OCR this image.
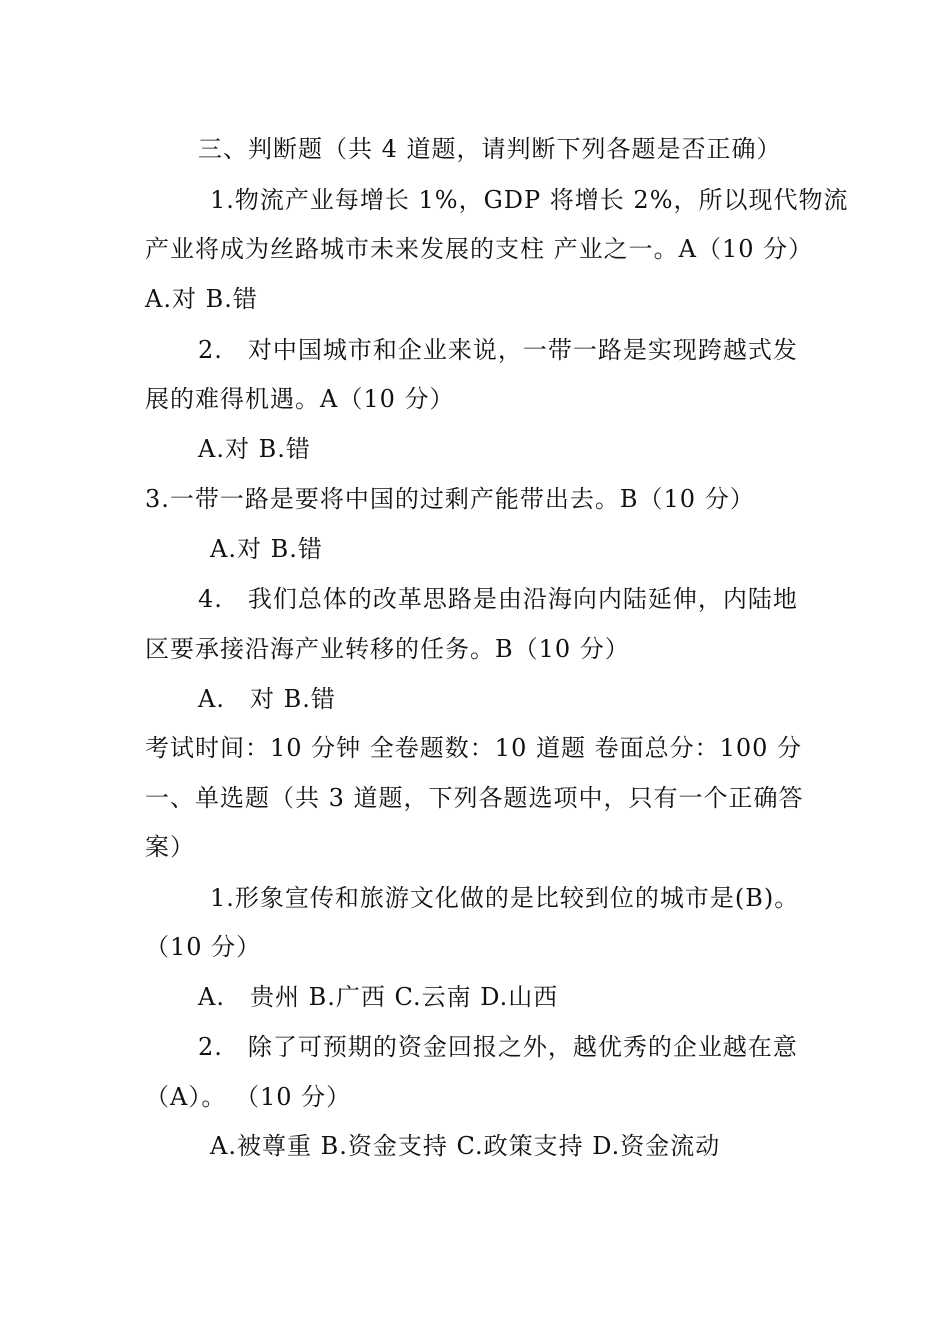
三、判断题（共 4 道题，请判断下列各题是否正确）
1.物流产业每增长 1%，GDP 将增长 2%，所以现代物流
产业将成为丝路城市未来发展的支柱 产业之一。A（10 分）
A.对 B.错
2.　对中国城市和企业来说，一带一路是实现跨越式发
展的难得机遇。A（10 分）
A.对 B.错
3.一带一路是要将中国的过剩产能带出去。B（10 分）
A.对 B.错
4.　我们总体的改革思路是由沿海向内陆延伸，内陆地
区要承接沿海产业转移的任务。B（10 分）
A.　对 B.错
考试时间：10 分钟 全卷题数：10 道题 卷面总分：100 分
一、单选题（共 3 道题，下列各题选项中，只有一个正确答
案）
1.形象宣传和旅游文化做的是比较到位的城市是(B)。
（10 分）
A.　贵州 B.广西 C.云南 D.山西
2.　除了可预期的资金回报之外，越优秀的企业越在意
（A）。 （10 分）
A.被尊重 B.资金支持 C.政策支持 D.资金流动
